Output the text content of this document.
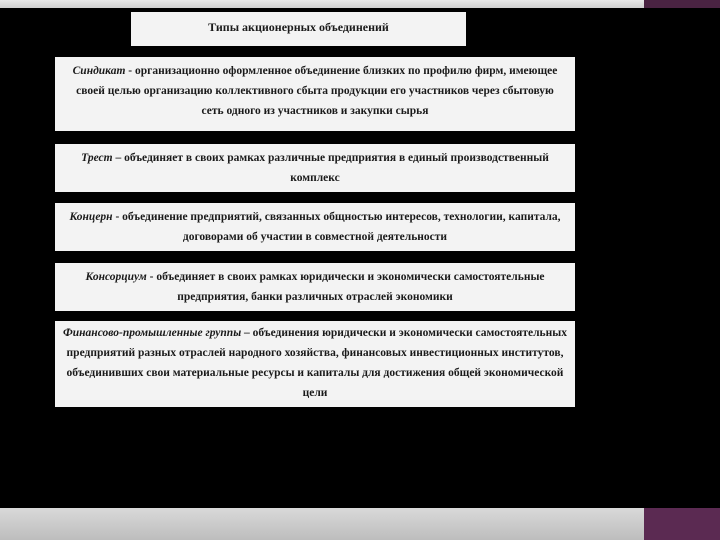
Типы акционерных объединений
Синдикат - организационно оформленное объединение близких по профилю фирм, имеющее своей целью организацию коллективного сбыта продукции его участников через сбытовую сеть одного из участников и закупки сырья
Трест – объединяет в своих рамках различные предприятия в единый производственный комплекс
Концерн - объединение предприятий, связанных общностью интересов, технологии, капитала, договорами об участии в совместной деятельности
Консорциум - объединяет в своих рамках юридически и экономически самостоятельные предприятия, банки различных отраслей экономики
Финансово-промышленные группы – объединения юридически и экономически самостоятельных предприятий разных отраслей народного хозяйства, финансовых инвестиционных институтов, объединивших свои материальные ресурсы и капиталы для достижения общей экономической цели
